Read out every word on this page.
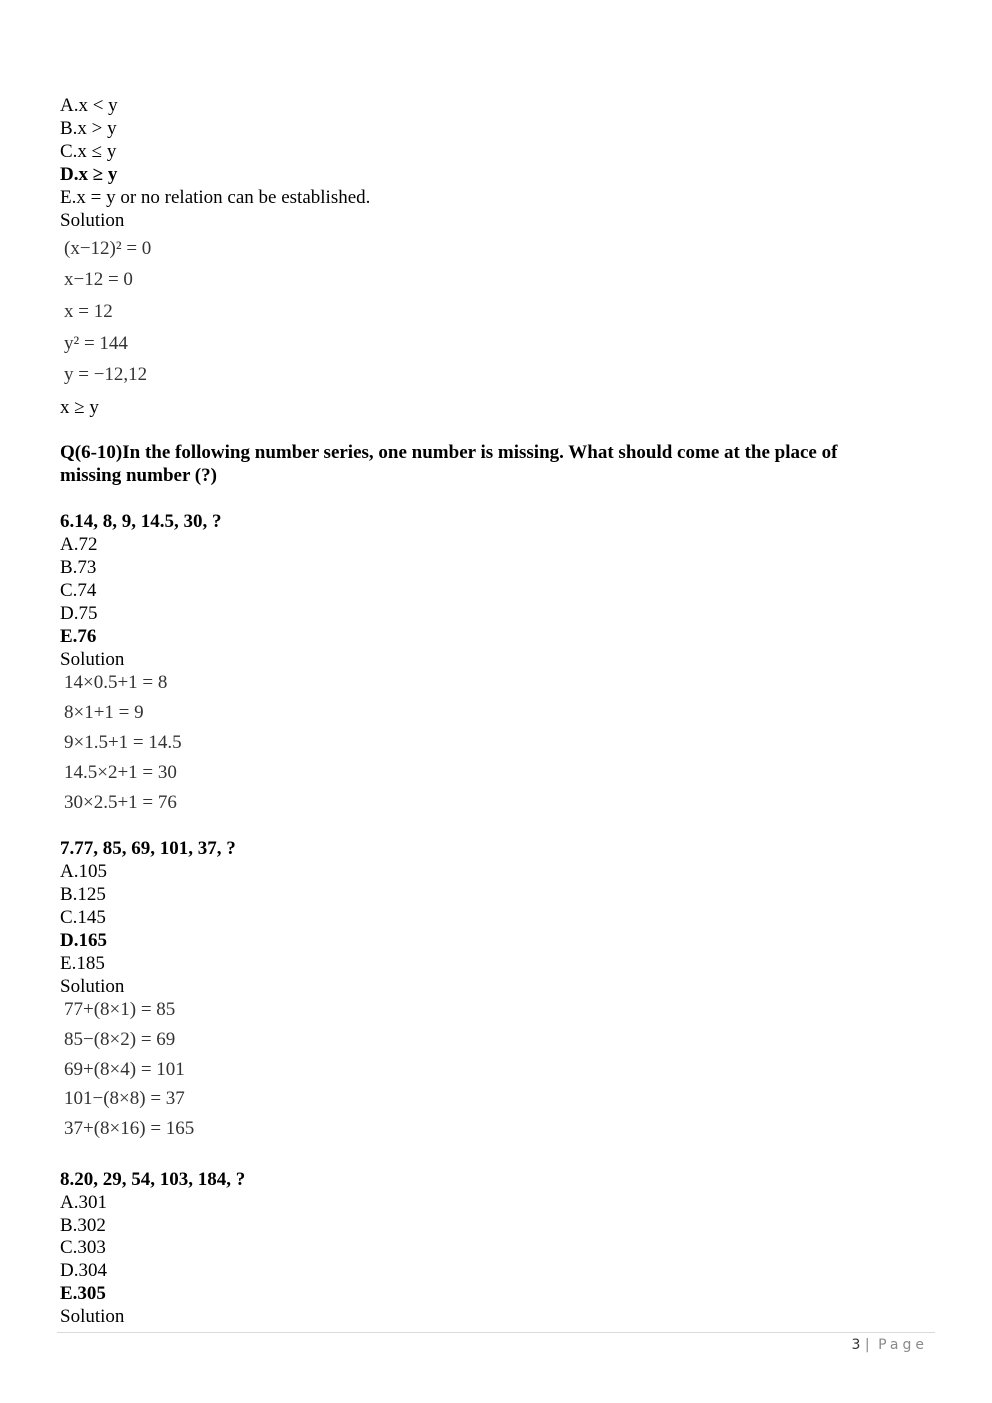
A.x < y
B.x > y
C.x ≤ y
D.x ≥ y
E.x = y or no relation can be established.
Solution
(x−12)² = 0
x−12 = 0
x = 12
y² = 144
y = −12,12
x ≥ y
Q(6-10)In the following number series, one number is missing. What should come at the place of
missing number (?)
6.14, 8, 9, 14.5, 30, ?
A.72
B.73
C.74
D.75
E.76
Solution
14×0.5+1 = 8
8×1+1 = 9
9×1.5+1 = 14.5
14.5×2+1 = 30
30×2.5+1 = 76
7.77, 85, 69, 101, 37, ?
A.105
B.125
C.145
D.165
E.185
Solution
77+(8×1) = 85
85−(8×2) = 69
69+(8×4) = 101
101−(8×8) = 37
37+(8×16) = 165
8.20, 29, 54, 103, 184, ?
A.301
B.302
C.303
D.304
E.305
Solution
3 | Page
